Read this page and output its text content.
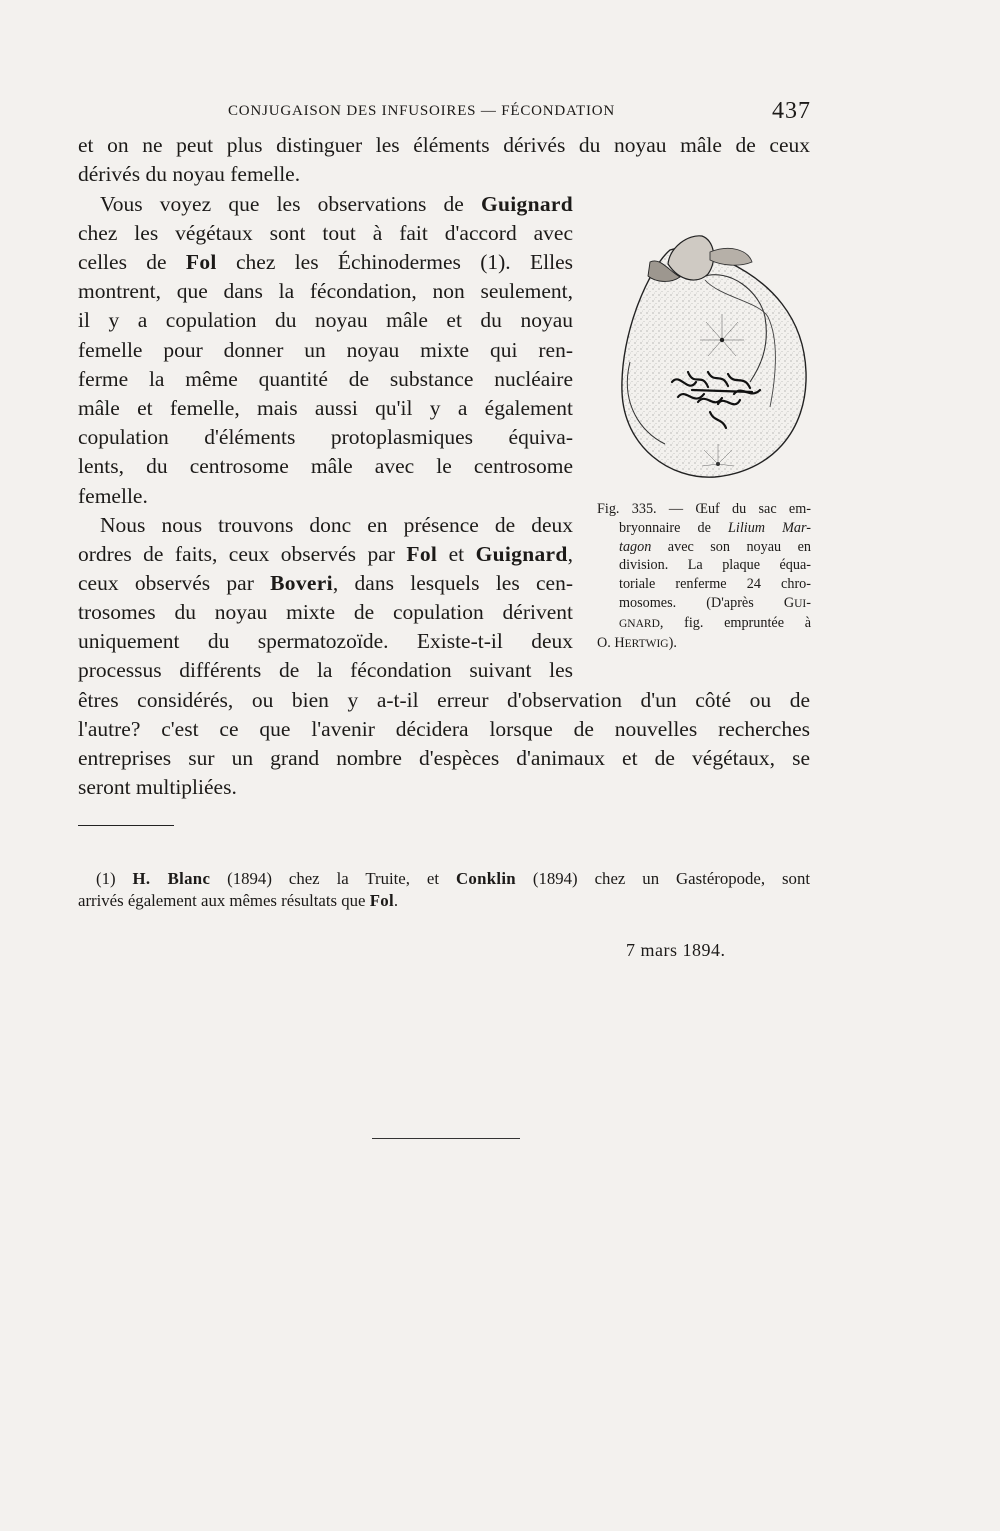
CONJUGAISON DES INFUSOIRES — FÉCONDATION	437
et on ne peut plus distinguer les éléments dérivés du noyau mâle de ceux
dérivés du noyau femelle.
Vous voyez que les observations de Guignard
chez les végétaux sont tout à fait d'accord avec
celles de Fol chez les Échinodermes (1). Elles
montrent, que dans la fécondation, non seulement,
il y a copulation du noyau mâle et du noyau
femelle pour donner un noyau mixte qui ren-
ferme la même quantité de substance nucléaire
mâle et femelle, mais aussi qu'il y a également
copulation d'éléments protoplasmiques équiva-
lents, du centrosome mâle avec le centrosome
femelle.
Nous nous trouvons donc en présence de deux
ordres de faits, ceux observés par Fol et Guignard,
ceux observés par Boveri, dans lesquels les cen-
trosomes du noyau mixte de copulation dérivent
uniquement du spermatozoïde. Existe-t-il deux
processus différents de la fécondation suivant les
êtres considérés, ou bien y a-t-il erreur d'observation d'un côté ou de
l'autre? c'est ce que l'avenir décidera lorsque de nouvelles recherches
entreprises sur un grand nombre d'espèces d'animaux et de végétaux, se
seront multipliées.
Fig. 335. — Œuf du sac em-
bryonnaire de Lilium Mar-
tagon avec son noyau en
division. La plaque équa-
toriale renferme 24 chro-
mosomes. (D'après GUI-
GNARD, fig. empruntée à
O. HERTWIG).
(1) H. Blanc (1894) chez la Truite, et Conklin (1894) chez un Gastéropode, sont
arrivés également aux mêmes résultats que Fol.
7 mars 1894.
